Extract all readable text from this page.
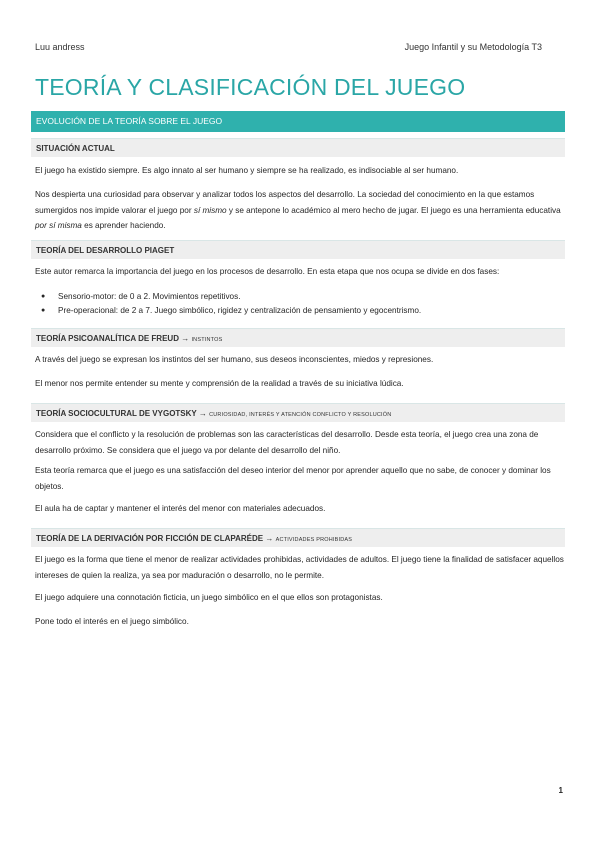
Luu andress	Juego Infantil y su Metodología T3
TEORÍA Y CLASIFICACIÓN DEL JUEGO
EVOLUCIÓN DE LA TEORÍA SOBRE EL JUEGO
SITUACIÓN ACTUAL
El juego ha existido siempre. Es algo innato al ser humano y siempre se ha realizado, es indisociable al ser humano.
Nos despierta una curiosidad para observar y analizar todos los aspectos del desarrollo. La sociedad del conocimiento en la que estamos sumergidos nos impide valorar el juego por sí mismo y se antepone lo académico al mero hecho de jugar. El juego es una herramienta educativa por sí misma es aprender haciendo.
TEORÍA DEL DESARROLLO PIAGET
Este autor remarca la importancia del juego en los procesos de desarrollo. En esta etapa que nos ocupa se divide en dos fases:
● Sensorio-motor: de 0 a 2. Movimientos repetitivos.
● Pre-operacional: de 2 a 7. Juego simbólico, rigidez y centralización de pensamiento y egocentrismo.
TEORÍA PSICOANALÍTICA DE FREUD → INSTINTOS
A través del juego se expresan los instintos del ser humano, sus deseos inconscientes, miedos y represiones.
El menor nos permite entender su mente y comprensión de la realidad a través de su iniciativa lúdica.
TEORÍA SOCIOCULTURAL DE VYGOTSKY → CURIOSIDAD, INTERÉS Y ATENCIÓN CONFLICTO Y RESOLUCIÓN
Considera que el conflicto y la resolución de problemas son las características del desarrollo. Desde esta teoría, el juego crea una zona de desarrollo próximo. Se considera que el juego va por delante del desarrollo del niño.
Esta teoría remarca que el juego es una satisfacción del deseo interior del menor por aprender aquello que no sabe, de conocer y dominar los objetos.
El aula ha de captar y mantener el interés del menor con materiales adecuados.
TEORÍA DE LA DERIVACIÓN POR FICCIÓN DE CLAPARÉDE → ACTIVIDADES PROHIBIDAS
El juego es la forma que tiene el menor de realizar actividades prohibidas, actividades de adultos. El juego tiene la finalidad de satisfacer aquellos intereses de quien la realiza, ya sea por maduración o desarrollo, no le permite.
El juego adquiere una connotación ficticia, un juego simbólico en el que ellos son protagonistas.
Pone todo el interés en el juego simbólico.
1
